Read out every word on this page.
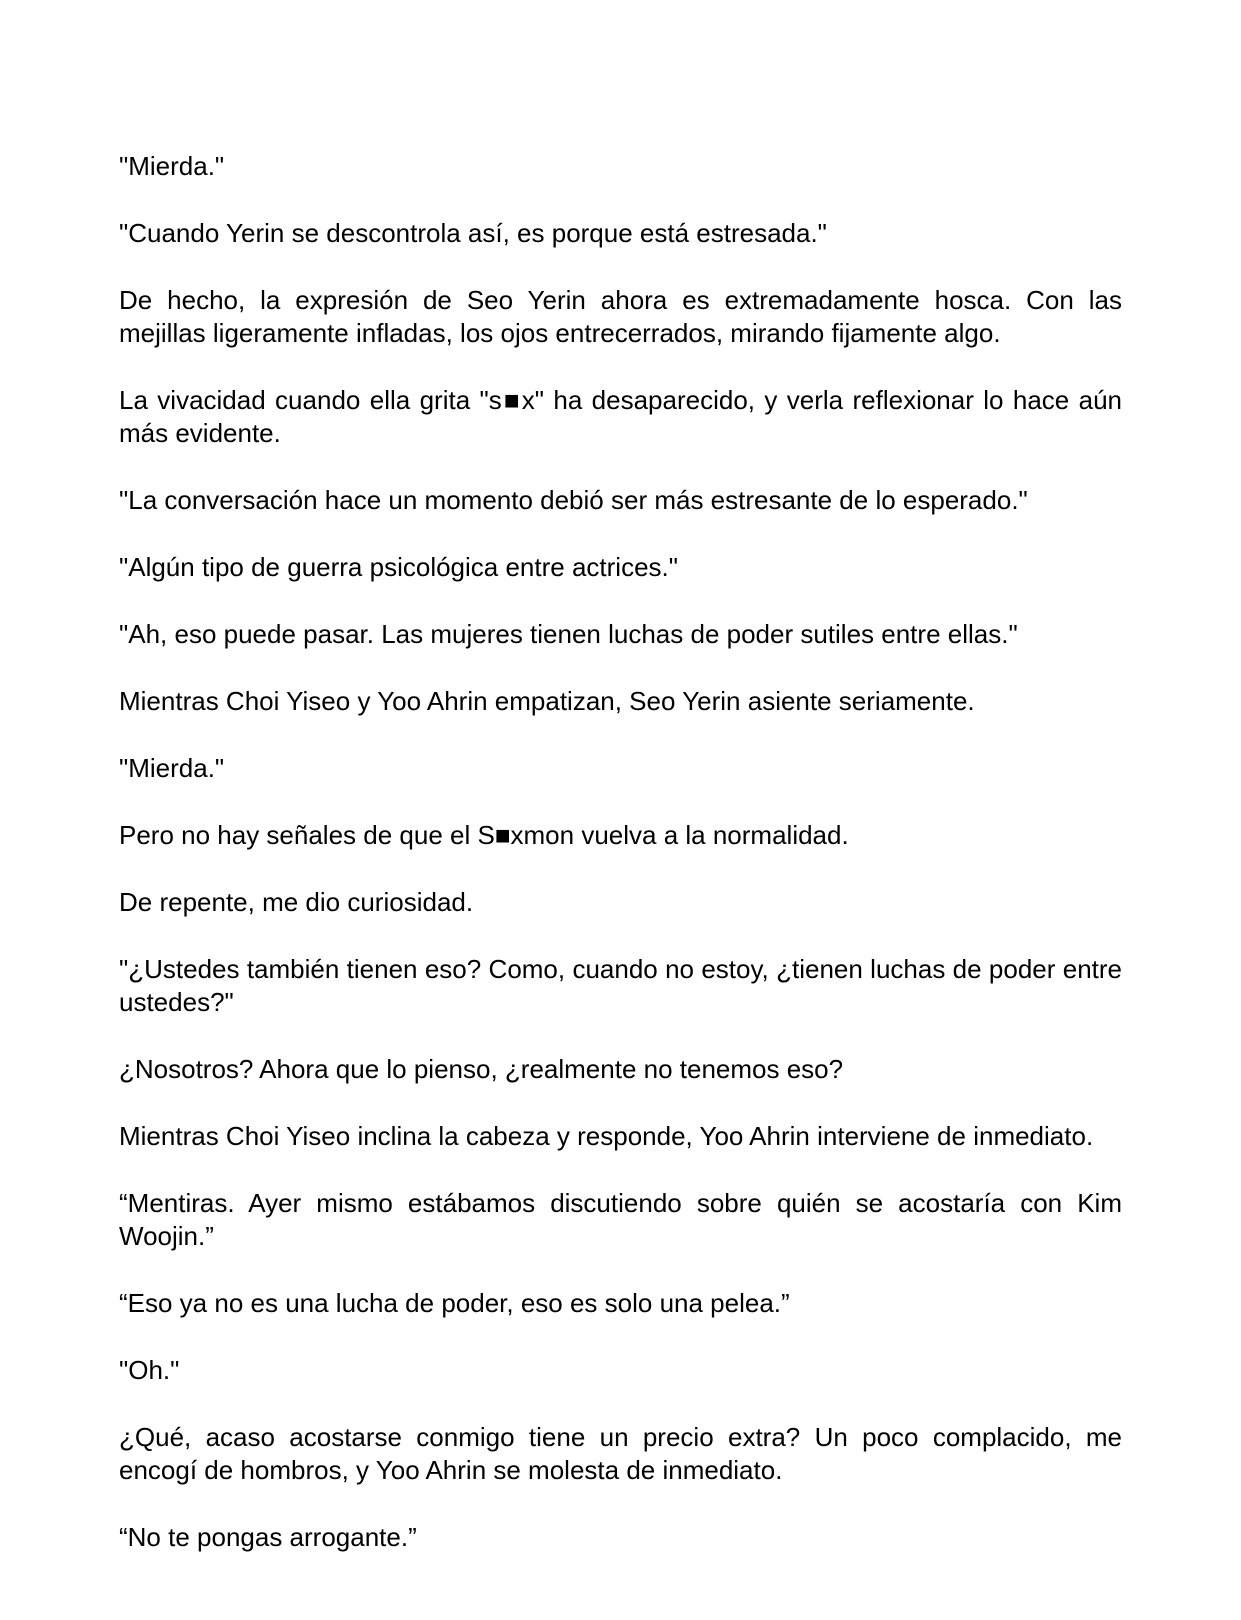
"Mierda."

"Cuando Yerin se descontrola así, es porque está estresada."

De hecho, la expresión de Seo Yerin ahora es extremadamente hosca. Con las mejillas ligeramente infladas, los ojos entrecerrados, mirando fijamente algo.

La vivacidad cuando ella grita "s■x" ha desaparecido, y verla reflexionar lo hace aún más evidente.

"La conversación hace un momento debió ser más estresante de lo esperado."

"Algún tipo de guerra psicológica entre actrices."

"Ah, eso puede pasar. Las mujeres tienen luchas de poder sutiles entre ellas."

Mientras Choi Yiseo y Yoo Ahrin empatizan, Seo Yerin asiente seriamente.

"Mierda."

Pero no hay señales de que el S■xmon vuelva a la normalidad.

De repente, me dio curiosidad.

"¿Ustedes también tienen eso? Como, cuando no estoy, ¿tienen luchas de poder entre ustedes?"

¿Nosotros? Ahora que lo pienso, ¿realmente no tenemos eso?

Mientras Choi Yiseo inclina la cabeza y responde, Yoo Ahrin interviene de inmediato.

“Mentiras. Ayer mismo estábamos discutiendo sobre quién se acostaría con Kim Woojin.”

“Eso ya no es una lucha de poder, eso es solo una pelea.”

"Oh."

¿Qué, acaso acostarse conmigo tiene un precio extra? Un poco complacido, me encogí de hombros, y Yoo Ahrin se molesta de inmediato.

“No te pongas arrogante.”
